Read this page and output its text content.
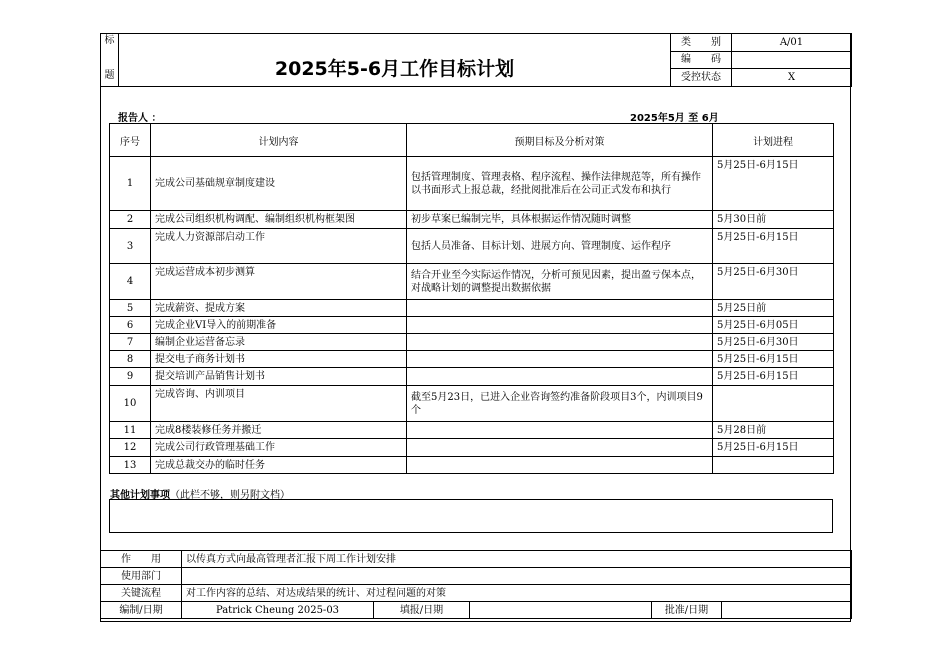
标
题	2025年5-6月工作目标计划	类　　别	A/01
		编　　码	
		受控状态	X
报告人 ：	2025年5月 至 6月
序号	计划内容	预期目标及分析对策	计划进程
1	完成公司基础规章制度建设	包括管理制度、管理表格、程序流程、操作法律规范等，所有操作以书面形式上报总裁，经批阅批准后在公司正式发布和执行	5月25日-6月15日
2	完成公司组织机构调配、编制组织机构框架图	初步草案已编制完毕，具体根据运作情况随时调整	5月30日前
3	完成人力资源部启动工作	包括人员准备、目标计划、进展方向、管理制度、运作程序	5月25日-6月15日
4	完成运营成本初步测算	结合开业至今实际运作情况，分析可预见因素，提出盈亏保本点，对战略计划的调整提出数据依据	5月25日-6月30日
5	完成薪资、提成方案		5月25日前
6	完成企业VI导入的前期准备		5月25日-6月05日
7	编制企业运营备忘录		5月25日-6月30日
8	提交电子商务计划书		5月25日-6月15日
9	提交培训产品销售计划书		5月25日-6月15日
10	完成咨询、内训项目	截至5月23日，已进入企业咨询签约准备阶段项目3个，内训项目9个	
11	完成8楼装修任务并搬迁		5月28日前
12	完成公司行政管理基础工作		5月25日-6月15日
13	完成总裁交办的临时任务		
其他计划事项（此栏不够，则另附文档）
作　　用	以传真方式向最高管理者汇报下周工作计划安排				
使用部门					
关键流程	对工作内容的总结、对达成结果的统计、对过程问题的对策				
编制/日期	Patrick Cheung 2025-03	填报/日期		批准/日期	
